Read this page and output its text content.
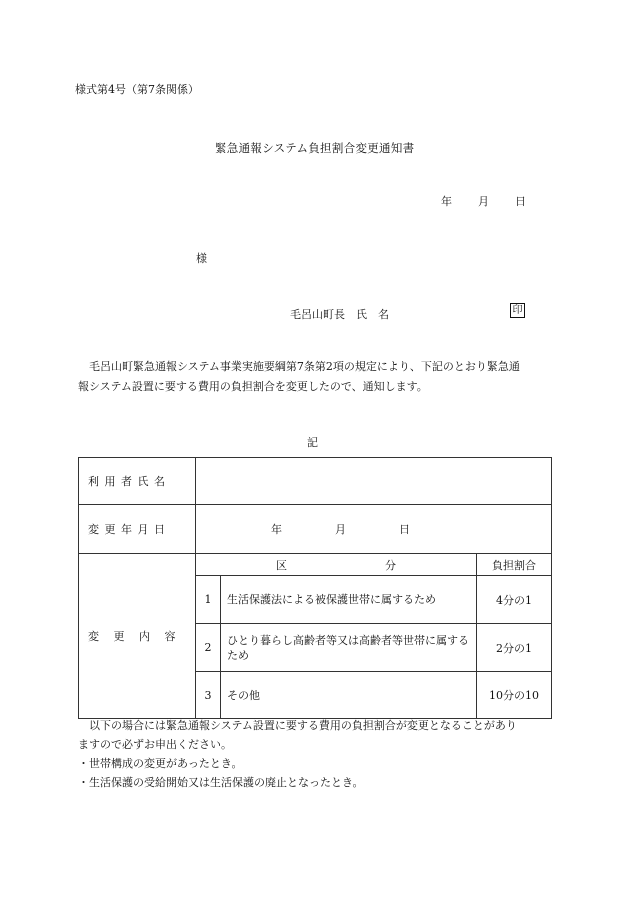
様式第4号（第7条関係）
緊急通報システム負担割合変更通知書
年 月 日
様
毛呂山町長　氏　名	印

　毛呂山町緊急通報システム事業実施要綱第7条第2項の規定により、下記のとおり緊急通

報システム設置に要する費用の負担割合を変更したので、通知します。

記
利 用 者 氏 名			
変 更 年 月 日	年 月 日		
変　 更　 内　 容	区 分		負担割合
	1	生活保護法による被保護世帯に属するため	4分の1
	2	ひとり暮らし高齢者等又は高齢者等世帯に属するため	2分の1
	3	その他	10分の10

　以下の場合には緊急通報システム設置に要する費用の負担割合が変更となることがあり

ますので必ずお申出ください。

・世帯構成の変更があったとき。

・生活保護の受給開始又は生活保護の廃止となったとき。
